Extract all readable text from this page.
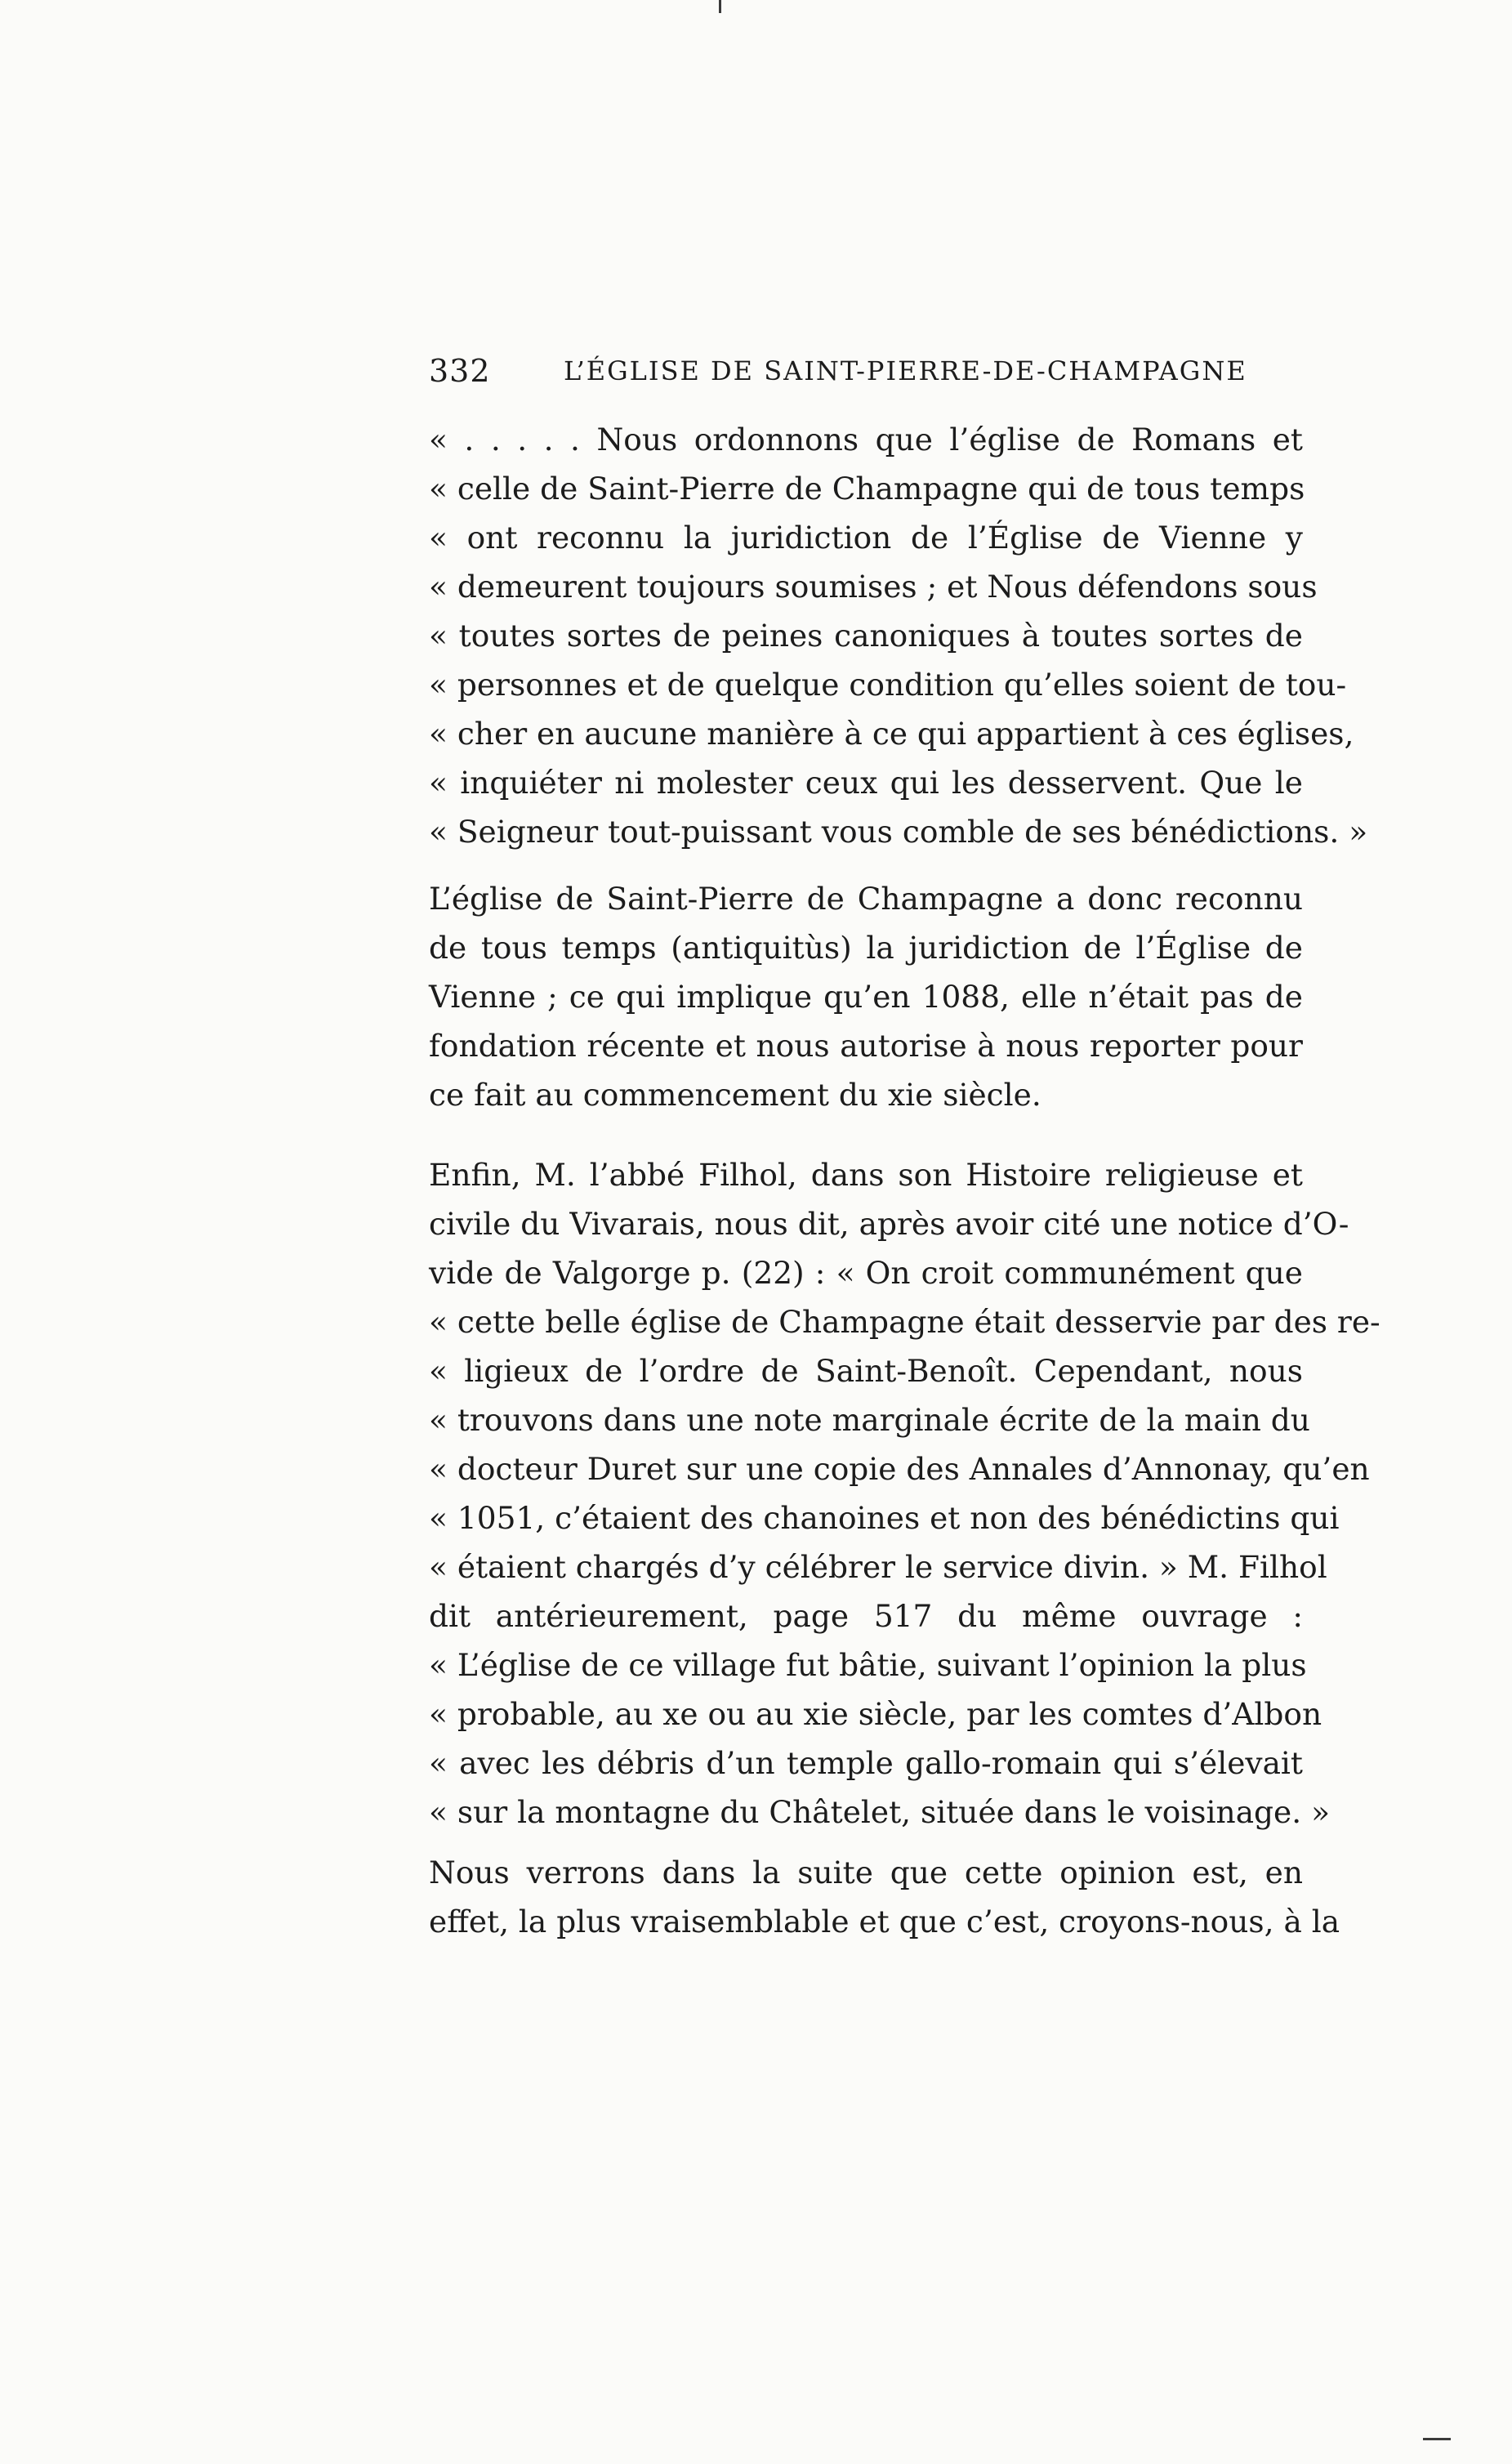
332	L’ÉGLISE DE SAINT-PIERRE-DE-CHAMPAGNE
« . . . . . Nous ordonnons que l’église de Romans et
« celle de Saint-Pierre de Champagne qui de tous temps
« ont reconnu la juridiction de l’Église de Vienne y
« demeurent toujours soumises ; et Nous défendons sous
« toutes sortes de peines canoniques à toutes sortes de
« personnes et de quelque condition qu’elles soient de tou-
« cher en aucune manière à ce qui appartient à ces églises,
« inquiéter ni molester ceux qui les desservent. Que le
« Seigneur tout-puissant vous comble de ses bénédictions. »
L’église de Saint-Pierre de Champagne a donc reconnu
de tous temps (antiquitùs) la juridiction de l’Église de
Vienne ; ce qui implique qu’en 1088, elle n’était pas de
fondation récente et nous autorise à nous reporter pour
ce fait au commencement du xie siècle.
Enfin, M. l’abbé Filhol, dans son Histoire religieuse et
civile du Vivarais, nous dit, après avoir cité une notice d’O-
vide de Valgorge p. (22) : « On croit communément que
« cette belle église de Champagne était desservie par des re-
« ligieux de l’ordre de Saint-Benoît. Cependant, nous
« trouvons dans une note marginale écrite de la main du
« docteur Duret sur une copie des Annales d’Annonay, qu’en
« 1051, c’étaient des chanoines et non des bénédictins qui
« étaient chargés d’y célébrer le service divin. » M. Filhol
dit antérieurement, page 517 du même ouvrage :
« L’église de ce village fut bâtie, suivant l’opinion la plus
« probable, au xe ou au xie siècle, par les comtes d’Albon
« avec les débris d’un temple gallo-romain qui s’élevait
« sur la montagne du Châtelet, située dans le voisinage. »
Nous verrons dans la suite que cette opinion est, en
effet, la plus vraisemblable et que c’est, croyons-nous, à la
